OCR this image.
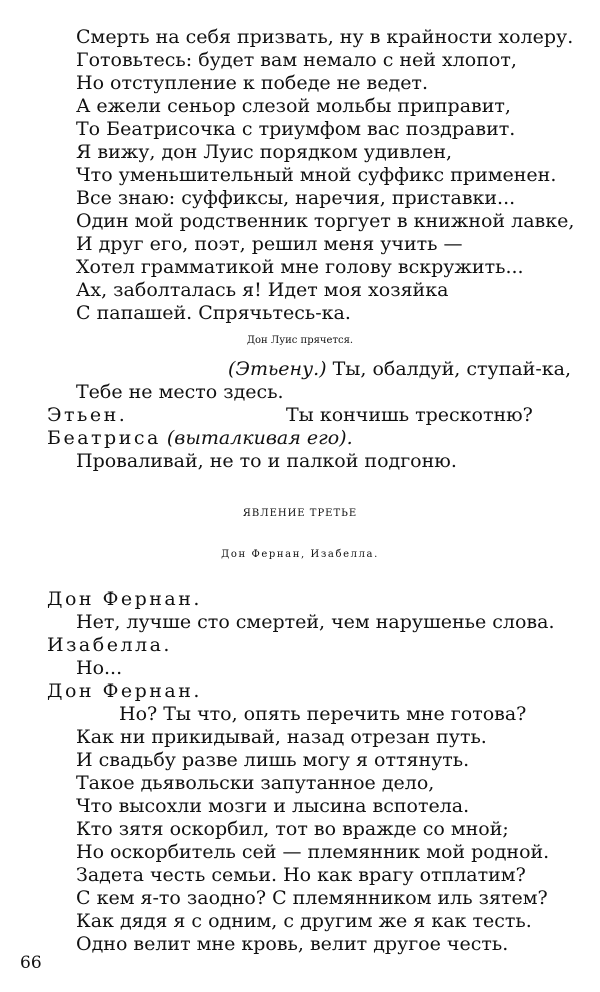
Смерть на себя призвать, ну в крайности холеру.
Готовьтесь: будет вам немало с ней хлопот,
Но отступление к победе не ведет.
А ежели сеньор слезой мольбы приправит,
То Беатрисочка с триумфом вас поздравит.
Я вижу, дон Луис порядком удивлен,
Что уменьшительный мной суффикс применен.
Все знаю: суффиксы, наречия, приставки...
Один мой родственник торгует в книжной лавке,
И друг его, поэт, решил меня учить —
Хотел грамматикой мне голову вскружить...
Ах, заболталась я! Идет моя хозяйка
С папашей. Спрячьтесь-ка.
Дон Луис прячется.
(Этьену.) Ты, обалдуй, ступай-ка,
Тебе не место здесь.
Этьен.	Ты кончишь трескотню?
Беатриса (выталкивая его).
Проваливай, не то и палкой подгоню.
ЯВЛЕНИЕ ТРЕТЬЕ
Дон Фернан, Изабелла.
Дон Фернан.
Нет, лучше сто смертей, чем нарушенье слова.
Изабелла.
Но...
Дон Фернан.
Но? Ты что, опять перечить мне готова?
Как ни прикидывай, назад отрезан путь.
И свадьбу разве лишь могу я оттянуть.
Такое дьявольски запутанное дело,
Что высохли мозги и лысина вспотела.
Кто зятя оскорбил, тот во вражде со мной;
Но оскорбитель сей — племянник мой родной.
Задета честь семьи. Но как врагу отплатим?
С кем я-то заодно? С племянником иль зятем?
Как дядя я с одним, с другим же я как тесть.
Одно велит мне кровь, велит другое честь.
66
